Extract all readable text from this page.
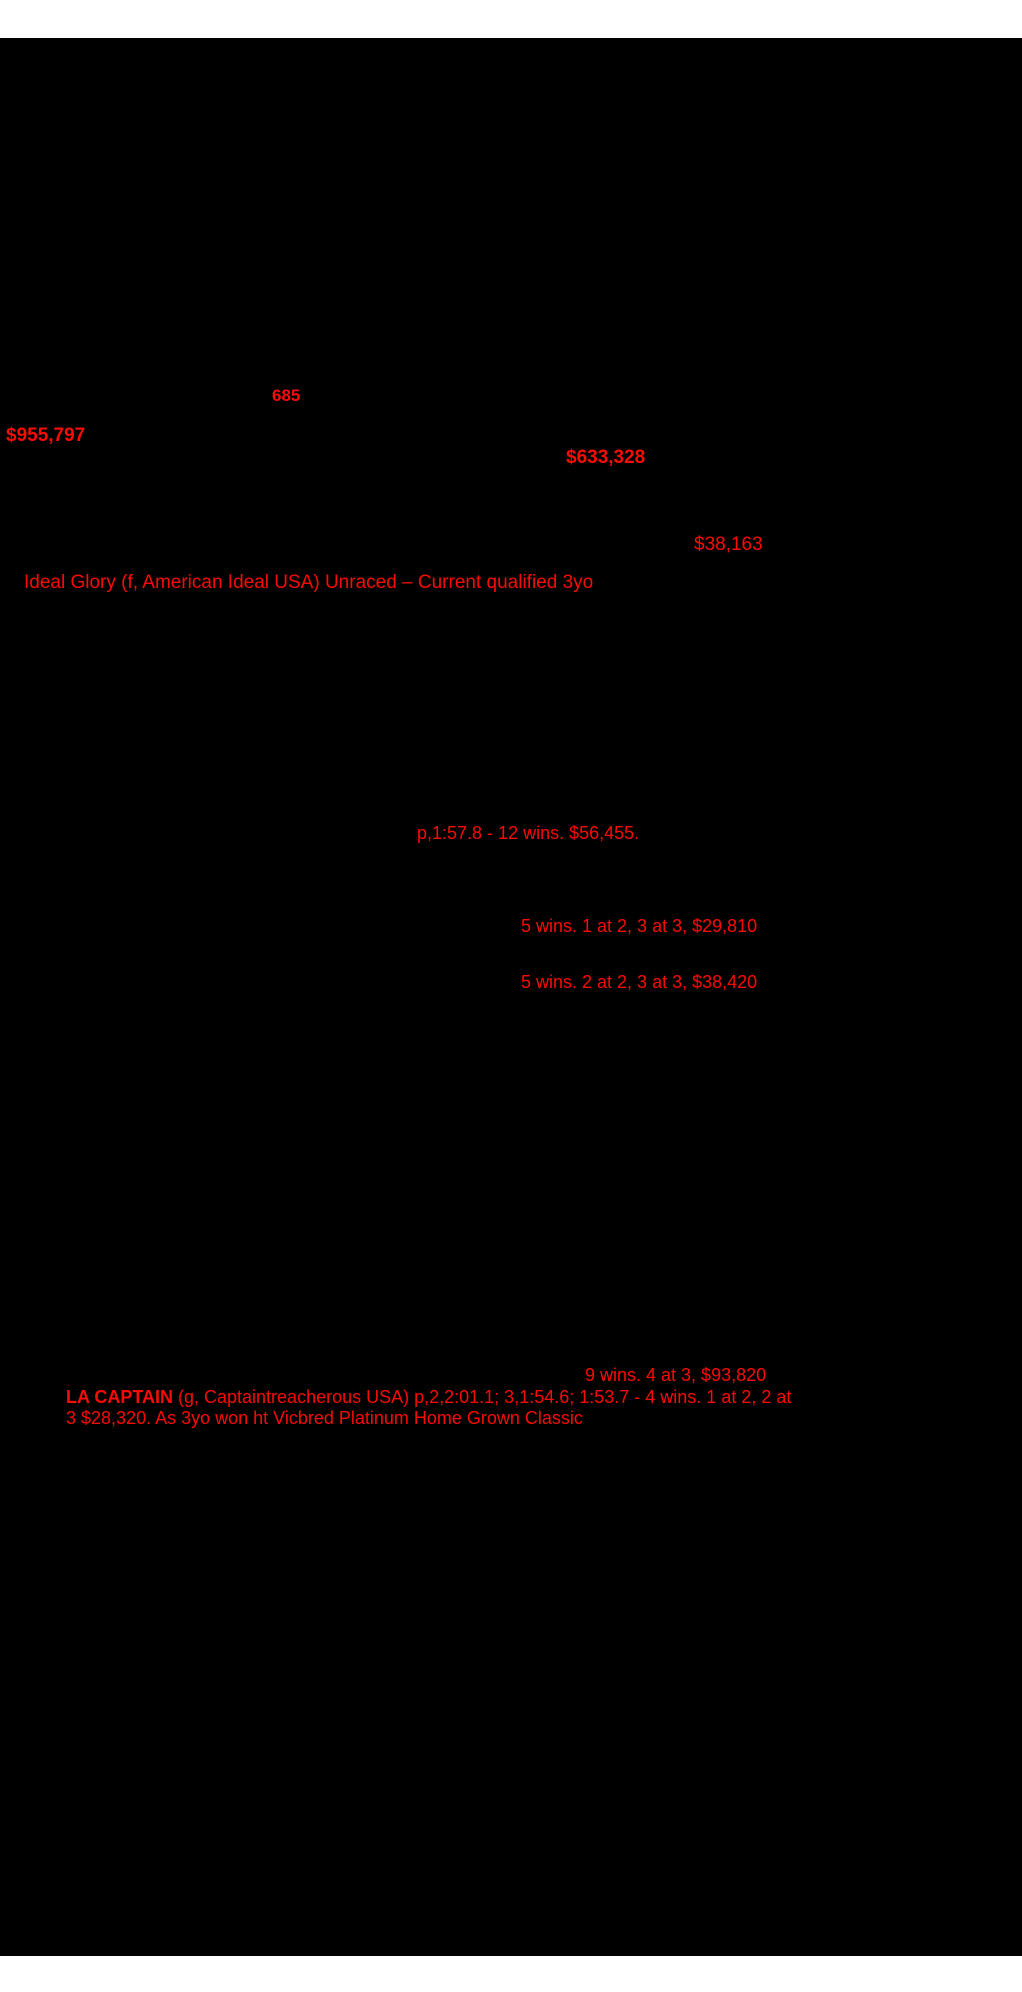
685
$955,797
$633,328
$38,163
Ideal Glory (f, American Ideal USA) Unraced – Current qualified 3yo
p,1:57.8 - 12 wins. $56,455.
5 wins. 1 at 2, 3 at 3, $29,810
5 wins. 2 at 2, 3 at 3, $38,420
9 wins. 4 at 3, $93,820
LA CAPTAIN (g, Captaintreacherous USA) p,2,2:01.1; 3,1:54.6; 1:53.7 - 4 wins. 1 at 2, 2 at 3 $28,320. As 3yo won ht Vicbred Platinum Home Grown Classic
